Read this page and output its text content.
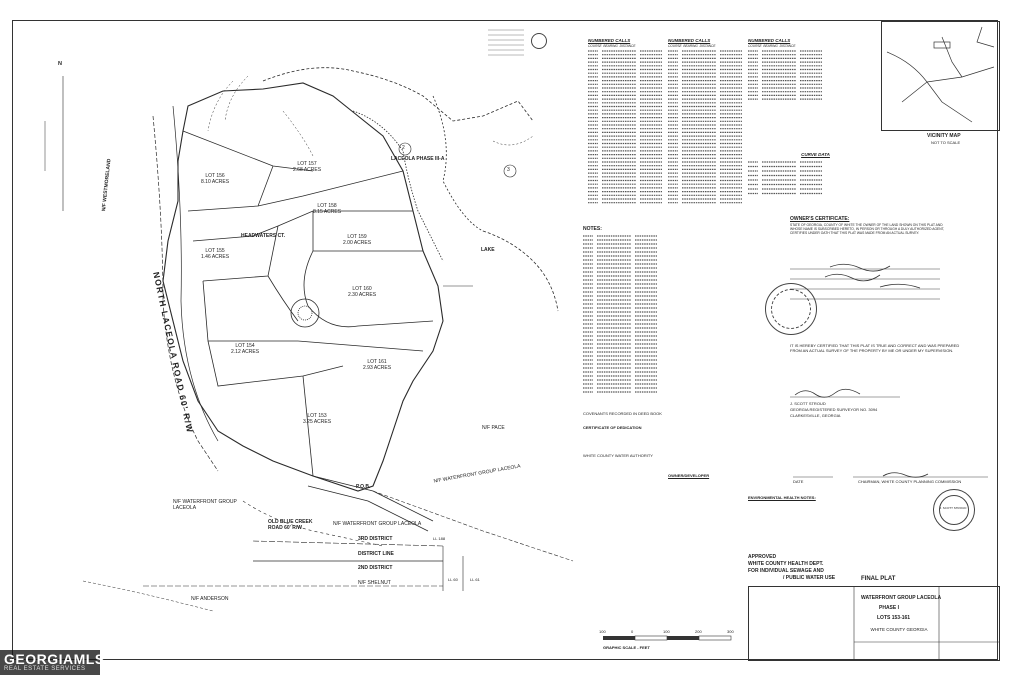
N
N/F WESTMORELAND
NORTH LACEOLA ROAD 60' R/W
LACEOLA PHASE III-A
2
3
LAKE
N/F PACE
HEADWATERS CT.
N/F WATERFRONT GROUP LACEOLA
N/F WATERFRONT GROUP LACEOLA
N/F WATERFRONT GROUP LACEOLA
OLD BLUE CREEK ROAD 60' R/W
3RD DISTRICT
DISTRICT LINE
2ND DISTRICT
N/F SHELNUT
N/F ANDERSON
P.O.B.
LL 188
LL 60	LL 61
LOT 157
2.68 ACRES
LOT 156
8.10 ACRES
LOT 158
8.15 ACRES
LOT 159
2.00 ACRES
LOT 155
1.46 ACRES
LOT 160
2.30 ACRES
LOT 154
2.12 ACRES
LOT 161
2.93 ACRES
LOT 153
3.25 ACRES
NUMBERED CALLS
COURSE BEARING DISTANCE
NUMBERED CALLS
COURSE BEARING DISTANCE
NUMBERED CALLS
COURSE BEARING DISTANCE
CURVE DATA
VICINITY MAP
NOT TO SCALE
NOTES:
OWNER'S CERTIFICATE:
STATE OF GEORGIA, COUNTY OF WHITE THE OWNER OF THE LAND SHOWN ON THIS PLAT AND WHOSE NAME IS SUBSCRIBED HERETO, IN PERSON OR THROUGH A DULY AUTHORIZED AGENT, CERTIFIES UNDER OATH THAT THIS PLAT WAS MADE FROM AN ACTUAL SURVEY.
IT IS HEREBY CERTIFIED THAT THIS PLAT IS TRUE AND CORRECT AND WAS PREPARED FROM AN ACTUAL SURVEY OF THE PROPERTY BY ME OR UNDER MY SUPERVISION.
J. SCOTT STROUD
GEORGIA REGISTERED SURVEYOR NO. 3094
CLARKESVILLE, GEORGIA
COVENANTS RECORDED IN DEED BOOK
CERTIFICATE OF DEDICATION
WHITE COUNTY WATER AUTHORITY
DATE	CHAIRMAN, WHITE COUNTY PLANNING COMMISSION
OWNER/DEVELOPER
ENVIRONMENTAL HEALTH NOTES:
APPROVED
WHITE COUNTY HEALTH DEPT.
FOR INDIVIDUAL SEWAGE AND
/ PUBLIC WATER USE
J. SCOTT STROUD
FINAL PLAT
WATERFRONT GROUP LACEOLA
PHASE I
LOTS 153-161
WHITE COUNTY GEORGIA
100	0	100	200	300
GRAPHIC SCALE - FEET
GEORGIAMLS
REAL ESTATE SERVICES
